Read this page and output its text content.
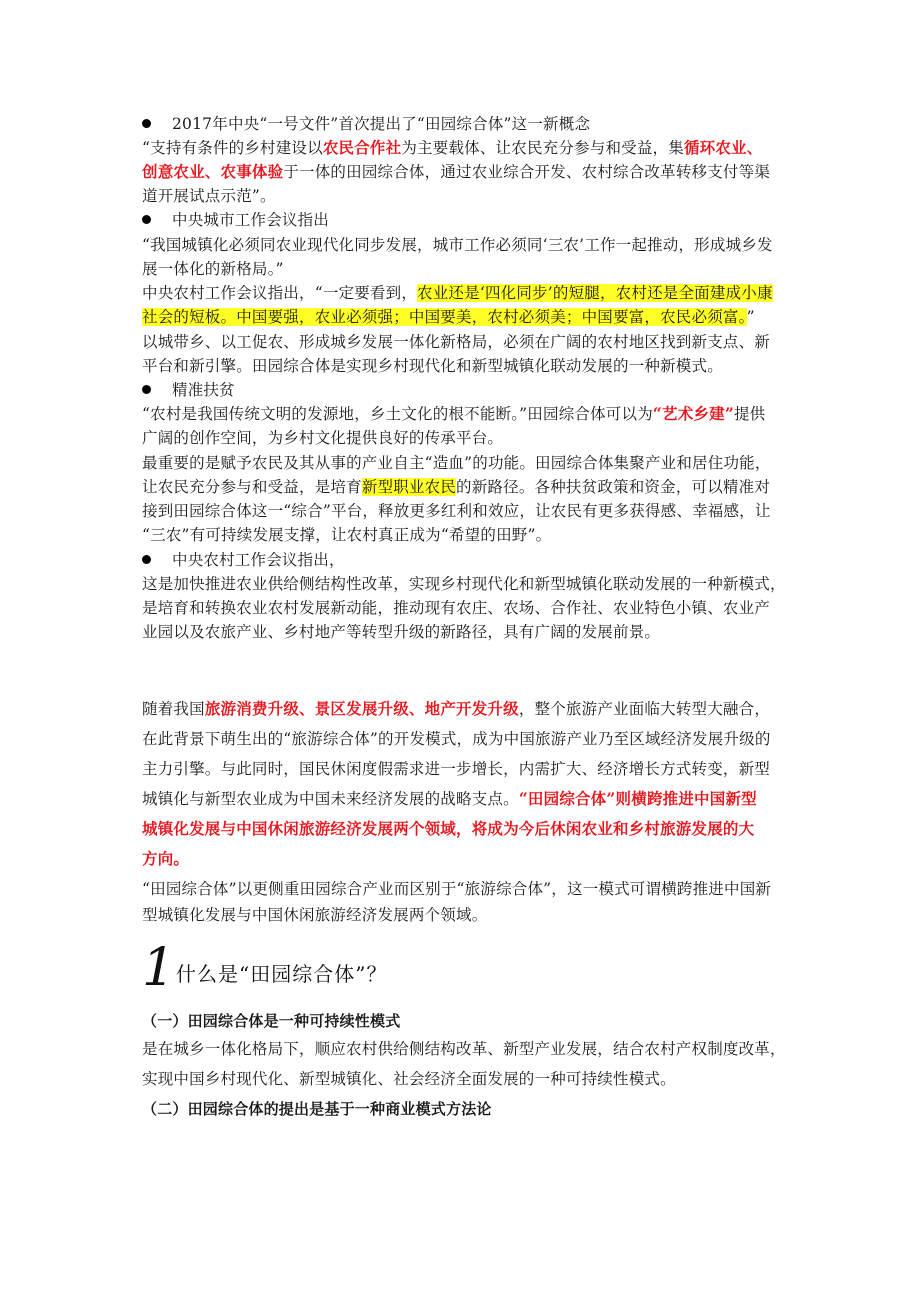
2017年中央“一号文件”首次提出了“田园综合体”这一新概念
“支持有条件的乡村建设以农民合作社为主要载体、让农民充分参与和受益，集循环农业、
创意农业、农事体验于一体的田园综合体，通过农业综合开发、农村综合改革转移支付等渠
道开展试点示范”。
中央城市工作会议指出
“我国城镇化必须同农业现代化同步发展，城市工作必须同‘三农’工作一起推动，形成城乡发
展一体化的新格局。”
中央农村工作会议指出，“一定要看到，农业还是‘四化同步’的短腿，农村还是全面建成小康
社会的短板。中国要强，农业必须强；中国要美，农村必须美；中国要富，农民必须富。”
以城带乡、以工促农、形成城乡发展一体化新格局，必须在广阔的农村地区找到新支点、新
平台和新引擎。田园综合体是实现乡村现代化和新型城镇化联动发展的一种新模式。
精准扶贫
“农村是我国传统文明的发源地，乡土文化的根不能断。”田园综合体可以为“艺术乡建”提供
广阔的创作空间，为乡村文化提供良好的传承平台。
最重要的是赋予农民及其从事的产业自主“造血”的功能。田园综合体集聚产业和居住功能，
让农民充分参与和受益，是培育新型职业农民的新路径。各种扶贫政策和资金，可以精准对
接到田园综合体这一“综合”平台，释放更多红利和效应，让农民有更多获得感、幸福感，让
“三农”有可持续发展支撑，让农村真正成为“希望的田野”。
中央农村工作会议指出，
这是加快推进农业供给侧结构性改革，实现乡村现代化和新型城镇化联动发展的一种新模式，
是培育和转换农业农村发展新动能，推动现有农庄、农场、合作社、农业特色小镇、农业产
业园以及农旅产业、乡村地产等转型升级的新路径，具有广阔的发展前景。
随着我国旅游消费升级、景区发展升级、地产开发升级，整个旅游产业面临大转型大融合，
在此背景下萌生出的“旅游综合体”的开发模式，成为中国旅游产业乃至区域经济发展升级的
主力引擎。与此同时，国民休闲度假需求进一步增长，内需扩大、经济增长方式转变，新型
城镇化与新型农业成为中国未来经济发展的战略支点。“田园综合体”则横跨推进中国新型
城镇化发展与中国休闲旅游经济发展两个领域，将成为今后休闲农业和乡村旅游发展的大
方向。
“田园综合体”以更侧重田园综合产业而区别于“旅游综合体”，这一模式可谓横跨推进中国新
型城镇化发展与中国休闲旅游经济发展两个领域。
1 什么是“田园综合体”？
（一）田园综合体是一种可持续性模式
是在城乡一体化格局下，顺应农村供给侧结构改革、新型产业发展，结合农村产权制度改革，
实现中国乡村现代化、新型城镇化、社会经济全面发展的一种可持续性模式。
（二）田园综合体的提出是基于一种商业模式方法论
